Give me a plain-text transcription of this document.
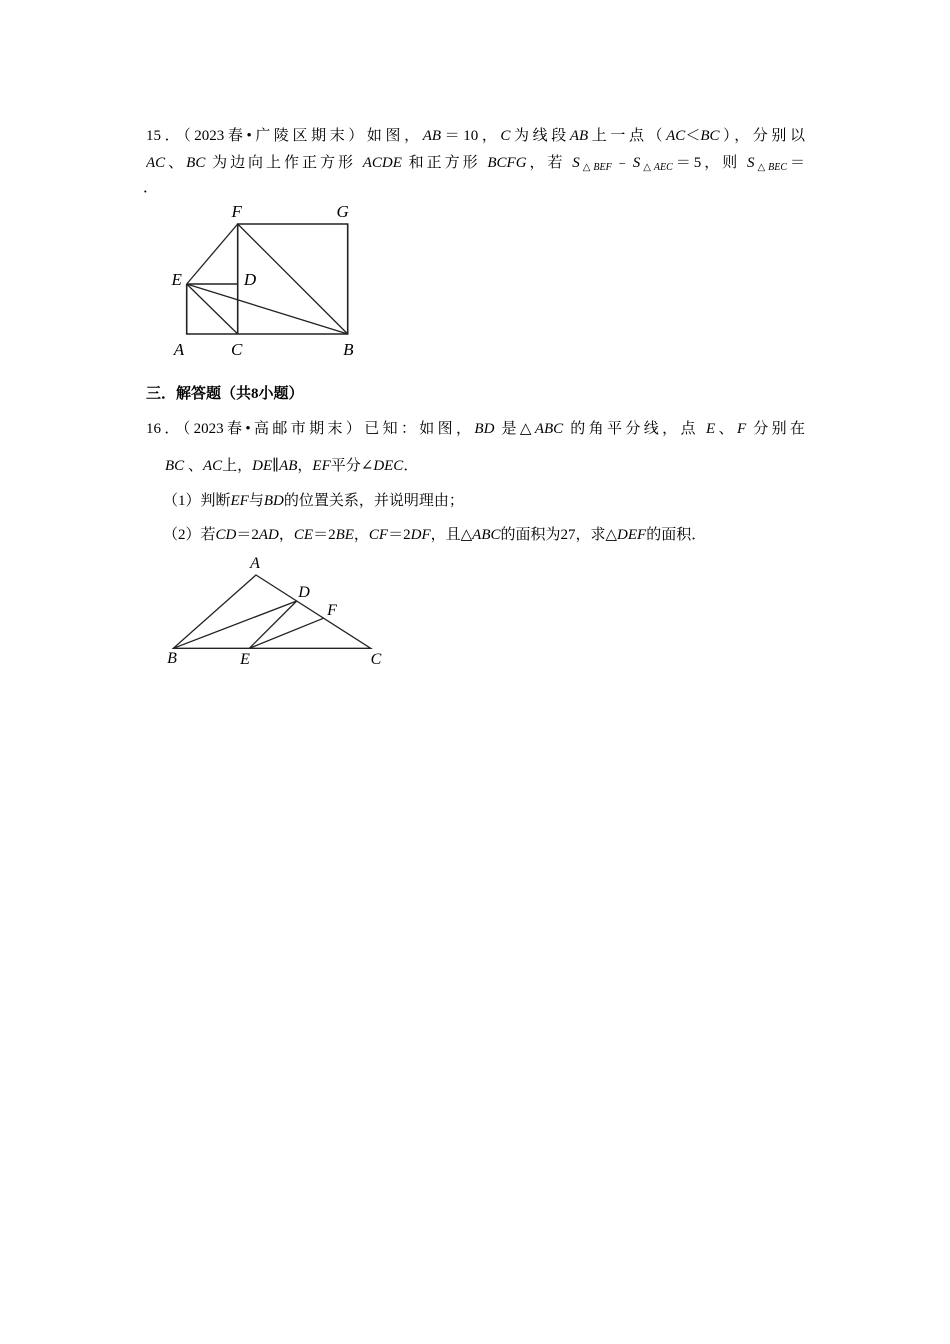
15．（2023春•广陵区期末）如图，AB＝10，C为线段AB上一点（AC＜BC），分别以
AC、BC 为边向上作正方形 ACDE 和正方形 BCFG，若 $S_{\triangle BEF}﹣S_{\triangle AEC}=5$，则 $S_{\triangle BEC}=$
．
F	G
E	D
A	C	B
三．解答题（共8小题）
16．（2023春•高邮市期末）已知：如图，BD 是△ABC 的角平分线，点 E、F 分别在
BC 、AC上，DE∥AB，EF平分∠DEC．
（1）判断EF与BD的位置关系，并说明理由；
（2）若CD＝2AD，CE＝2BE，CF＝2DF，且△ABC的面积为27，求△DEF的面积．
A
D
F
B	E	C
